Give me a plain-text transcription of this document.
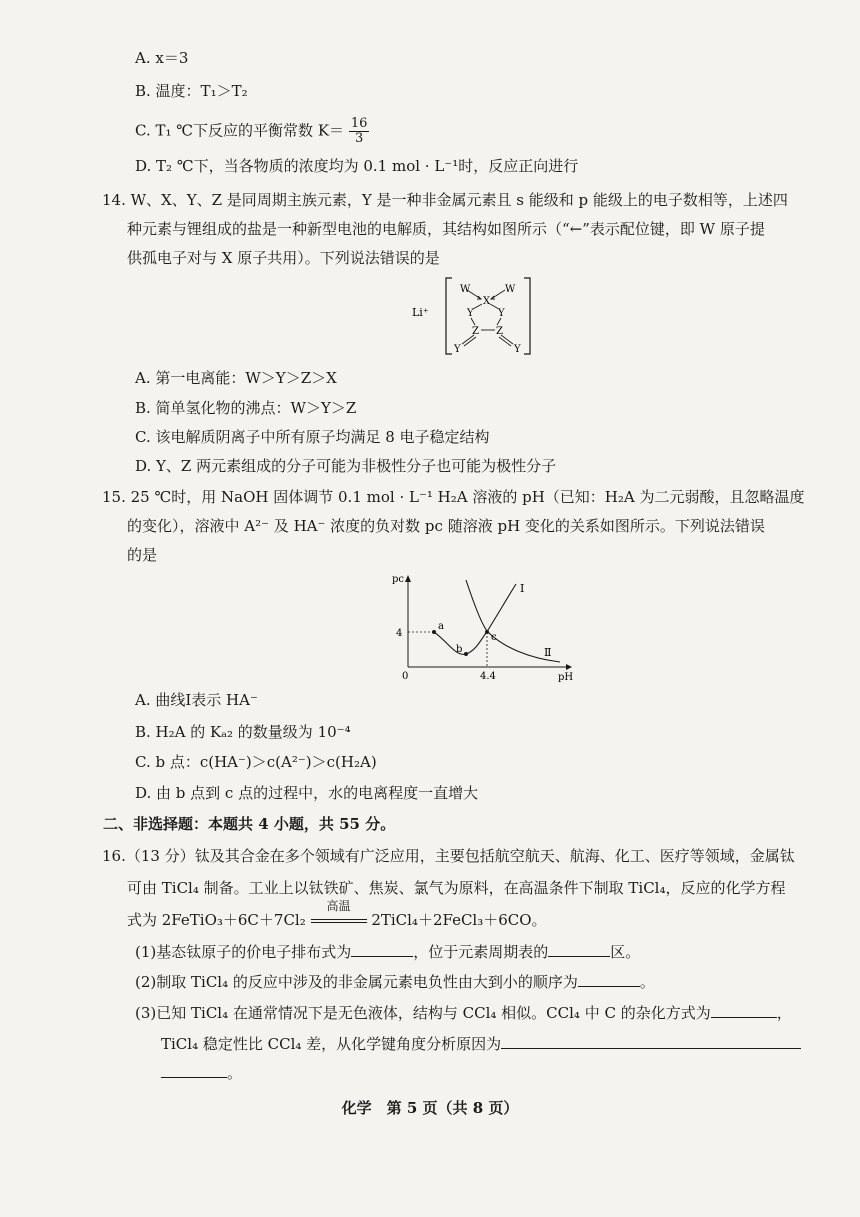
A. x＝3
B. 温度：T₁＞T₂
C. T₁ ℃下反应的平衡常数 $K= \frac{16}{3}$
D. T₂ ℃下，当各物质的浓度均为 0.1 mol · L⁻¹时，反应正向进行
14. W、X、Y、Z 是同周期主族元素，Y 是一种非金属元素且 s 能级和 p 能级上的电子数相等，上述四
种元素与锂组成的盐是一种新型电池的电解质，其结构如图所示（“←”表示配位键，即 W 原子提
供孤电子对与 X 原子共用）。下列说法错误的是
Li⁺
W	W
X
Y Y
Z Z
Y	Y
A. 第一电离能：W＞Y＞Z＞X
B. 简单氢化物的沸点：W＞Y＞Z
C. 该电解质阴离子中所有原子均满足 8 电子稳定结构
D. Y、Z 两元素组成的分子可能为非极性分子也可能为极性分子
15. 25 ℃时，用 NaOH 固体调节 0.1 mol · L⁻¹ H₂A 溶液的 pH（已知：H₂A 为二元弱酸，且忽略温度
的变化），溶液中 A²⁻ 及 HA⁻ 浓度的负对数 pc 随溶液 pH 变化的关系如图所示。下列说法错误
的是
pc
pH
0
4
4.4
a
b
c
Ⅰ
Ⅱ
A. 曲线Ⅰ表示 HA⁻
B. H₂A 的 Kₐ₂ 的数量级为 10⁻⁴
C. b 点：c(HA⁻)＞c(A²⁻)＞c(H₂A)
D. 由 b 点到 c 点的过程中，水的电离程度一直增大
二、非选择题：本题共 4 小题，共 55 分。
16.（13 分）钛及其合金在多个领域有广泛应用，主要包括航空航天、航海、化工、医疗等领域，金属钛
可由 TiCl₄ 制备。工业上以钛铁矿、焦炭、氯气为原料，在高温条件下制取 TiCl₄，反应的化学方程
式为 2FeTiO₃＋6C＋7Cl₂
高温
2TiCl₄＋2FeCl₃＋6CO。
(1)基态钛原子的价电子排布式为	，位于元素周期表的	区。
(2)制取 TiCl₄ 的反应中涉及的非金属元素电负性由大到小的顺序为	。
(3)已知 TiCl₄ 在通常情况下是无色液体，结构与 CCl₄ 相似。CCl₄ 中 C 的杂化方式为	，
TiCl₄ 稳定性比 CCl₄ 差，从化学键角度分析原因为
。
化学　第 5 页（共 8 页）
